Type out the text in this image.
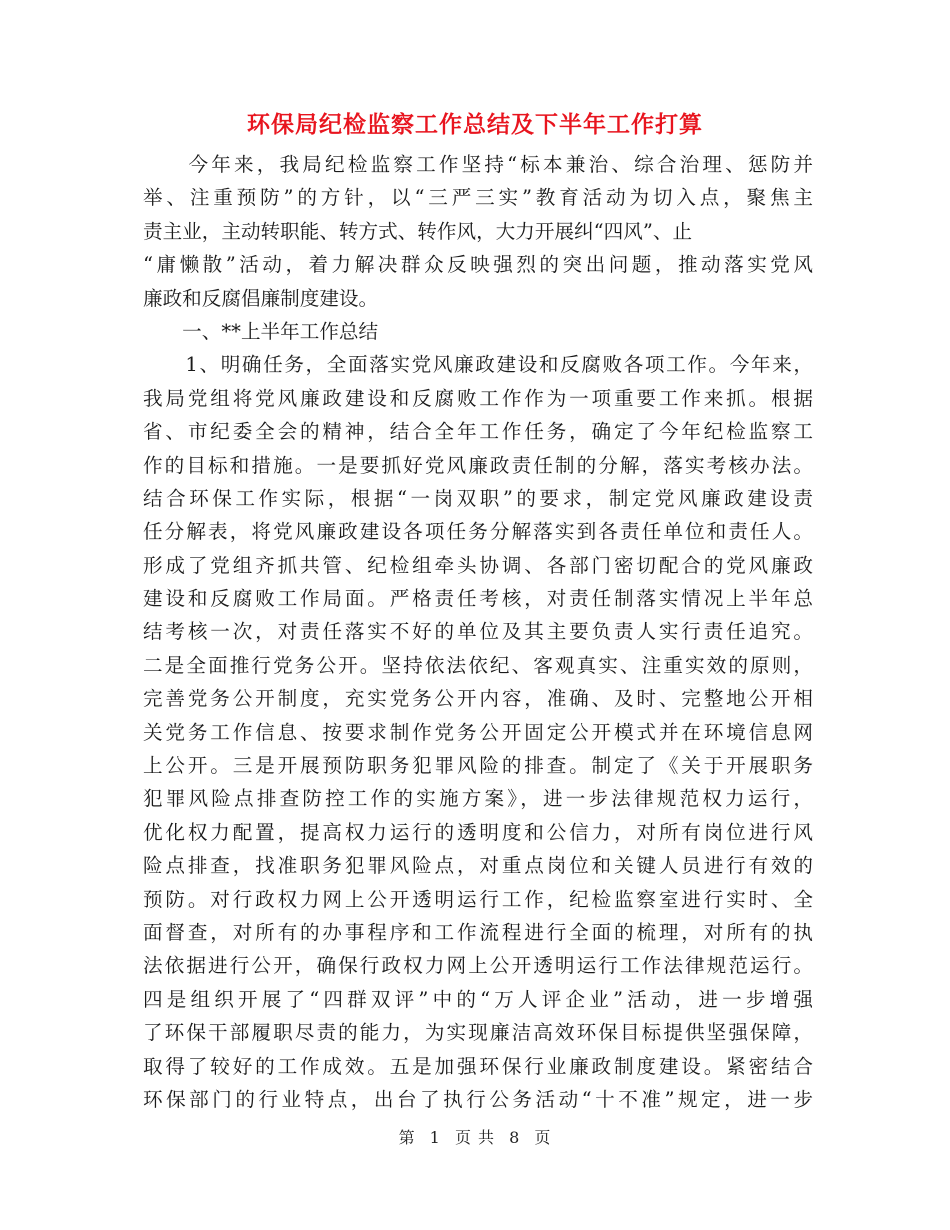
环保局纪检监察工作总结及下半年工作打算
　　今年来，我局纪检监察工作坚持“标本兼治、综合治理、惩防并
举、注重预防”的方针，以“三严三实”教育活动为切入点，聚焦主
责主业，主动转职能、转方式、转作风，大力开展纠“四风”、止
“庸懒散”活动，着力解决群众反映强烈的突出问题，推动落实党风
廉政和反腐倡廉制度建设。
　　一、**上半年工作总结
　　1、明确任务，全面落实党风廉政建设和反腐败各项工作。今年来，
我局党组将党风廉政建设和反腐败工作作为一项重要工作来抓。根据
省、市纪委全会的精神，结合全年工作任务，确定了今年纪检监察工
作的目标和措施。一是要抓好党风廉政责任制的分解，落实考核办法。
结合环保工作实际，根据“一岗双职”的要求，制定党风廉政建设责
任分解表，将党风廉政建设各项任务分解落实到各责任单位和责任人。
形成了党组齐抓共管、纪检组牵头协调、各部门密切配合的党风廉政
建设和反腐败工作局面。严格责任考核，对责任制落实情况上半年总
结考核一次，对责任落实不好的单位及其主要负责人实行责任追究。
二是全面推行党务公开。坚持依法依纪、客观真实、注重实效的原则，
完善党务公开制度，充实党务公开内容，准确、及时、完整地公开相
关党务工作信息、按要求制作党务公开固定公开模式并在环境信息网
上公开。三是开展预防职务犯罪风险的排查。制定了《关于开展职务
犯罪风险点排查防控工作的实施方案》，进一步法律规范权力运行，
优化权力配置，提高权力运行的透明度和公信力，对所有岗位进行风
险点排查，找准职务犯罪风险点，对重点岗位和关键人员进行有效的
预防。对行政权力网上公开透明运行工作，纪检监察室进行实时、全
面督查，对所有的办事程序和工作流程进行全面的梳理，对所有的执
法依据进行公开，确保行政权力网上公开透明运行工作法律规范运行。
四是组织开展了“四群双评”中的“万人评企业”活动，进一步增强
了环保干部履职尽责的能力，为实现廉洁高效环保目标提供坚强保障，
取得了较好的工作成效。五是加强环保行业廉政制度建设。紧密结合
环保部门的行业特点，出台了执行公务活动“十不准”规定，进一步
第 1 页 共 8 页
